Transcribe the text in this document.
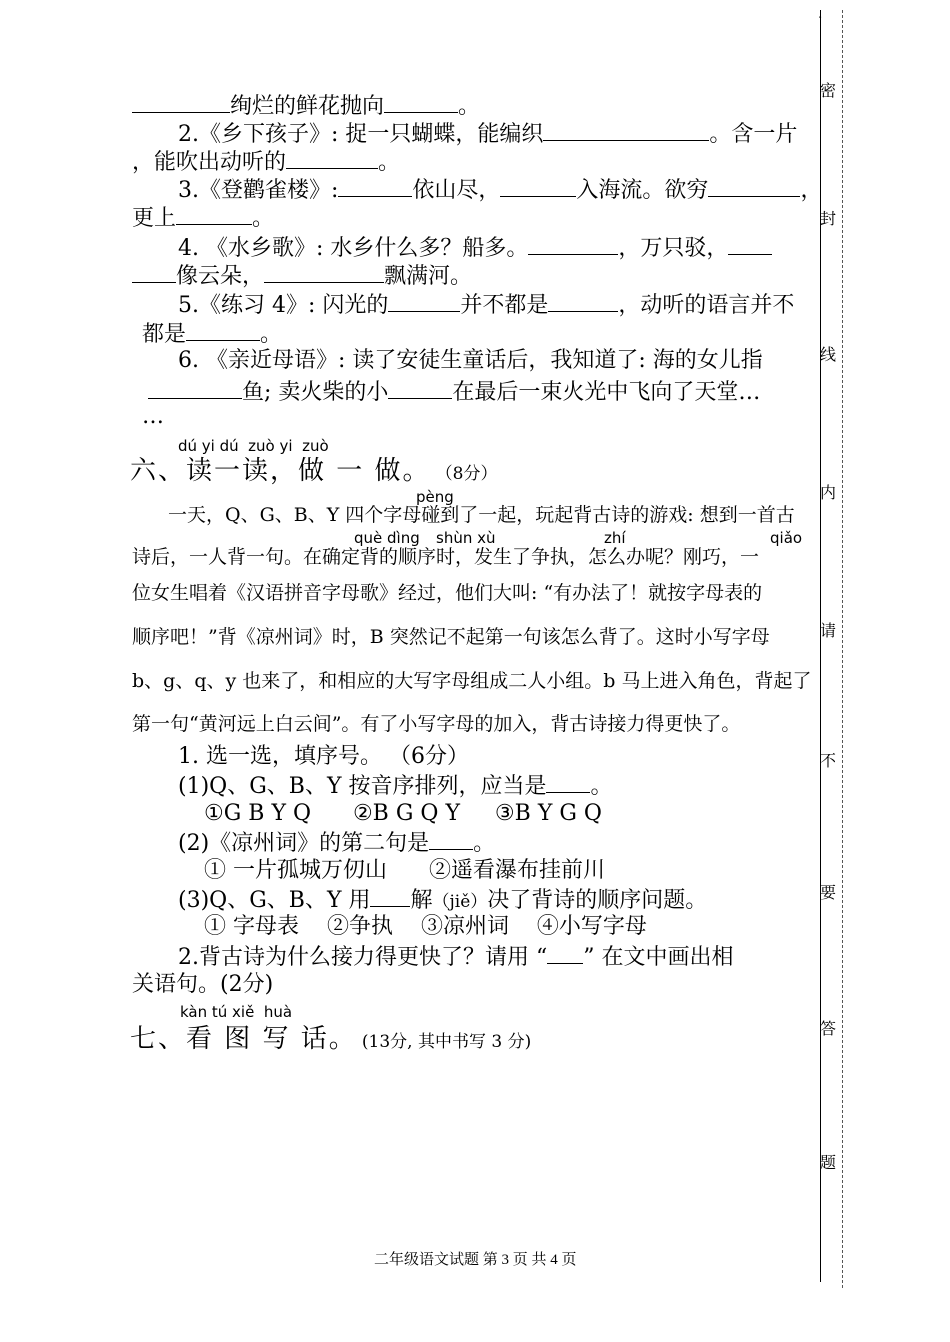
.
密
封
线
内
请
不
要
答
题
绚烂的鲜花抛向	。
2.《乡下孩子》: 捉一只蝴蝶，能编织	。含一片
，能吹出动听的	。
3.《登鹳雀楼》:	依山尽，	入海流。欲穷	，
更上	。
4. 《水乡歌》: 水乡什么多？船多。	，万只驳，
像云朵，	飘满河。
5.《练习 4》: 闪光的	并不都是	，动听的语言并不
都是	。
6. 《亲近母语》: 读了安徒生童话后，我知道了: 海的女儿指
鱼; 卖火柴的小	在最后一束火光中飞向了天堂…
…
dú yi dú  zuò yi  zuò
六、读一读，做 一 做。 （8分）
pèng
一天，Q、G、B、Y 四个字母碰到了一起，玩起背古诗的游戏: 想到一首古
què dìng shùn xù	zhí	qiǎo
诗后，一人背一句。在确定背的顺序时，发生了争执，怎么办呢？刚巧，一
位女生唱着《汉语拼音字母歌》经过，他们大叫: “有办法了！就按字母表的
顺序吧！”背《凉州词》时，B 突然记不起第一句该怎么背了。这时小写字母
b、g、q、y 也来了，和相应的大写字母组成二人小组。b 马上进入角色，背起了
第一句“黄河远上白云间”。有了小写字母的加入，背古诗接力得更快了。
1. 选一选，填序号。 （6分）
(1)Q、G、B、Y 按音序排列，应当是 。
①G B Y Q      ②B G Q Y     ③B Y G Q
(2)《凉州词》的第二句是 。
① 一片孤城万仞山      ②遥看瀑布挂前川
(3)Q、G、B、Y 用 解（jiě）决了背诗的顺序问题。
① 字母表    ②争执    ③凉州词    ④小写字母
2.背古诗为什么接力得更快了？请用 “ ” 在文中画出相
关语句。(2分)
kàn tú xiě  huà
七、看 图 写 话。 (13分, 其中书写 3 分)
二年级语文试题 第 3 页 共 4 页
